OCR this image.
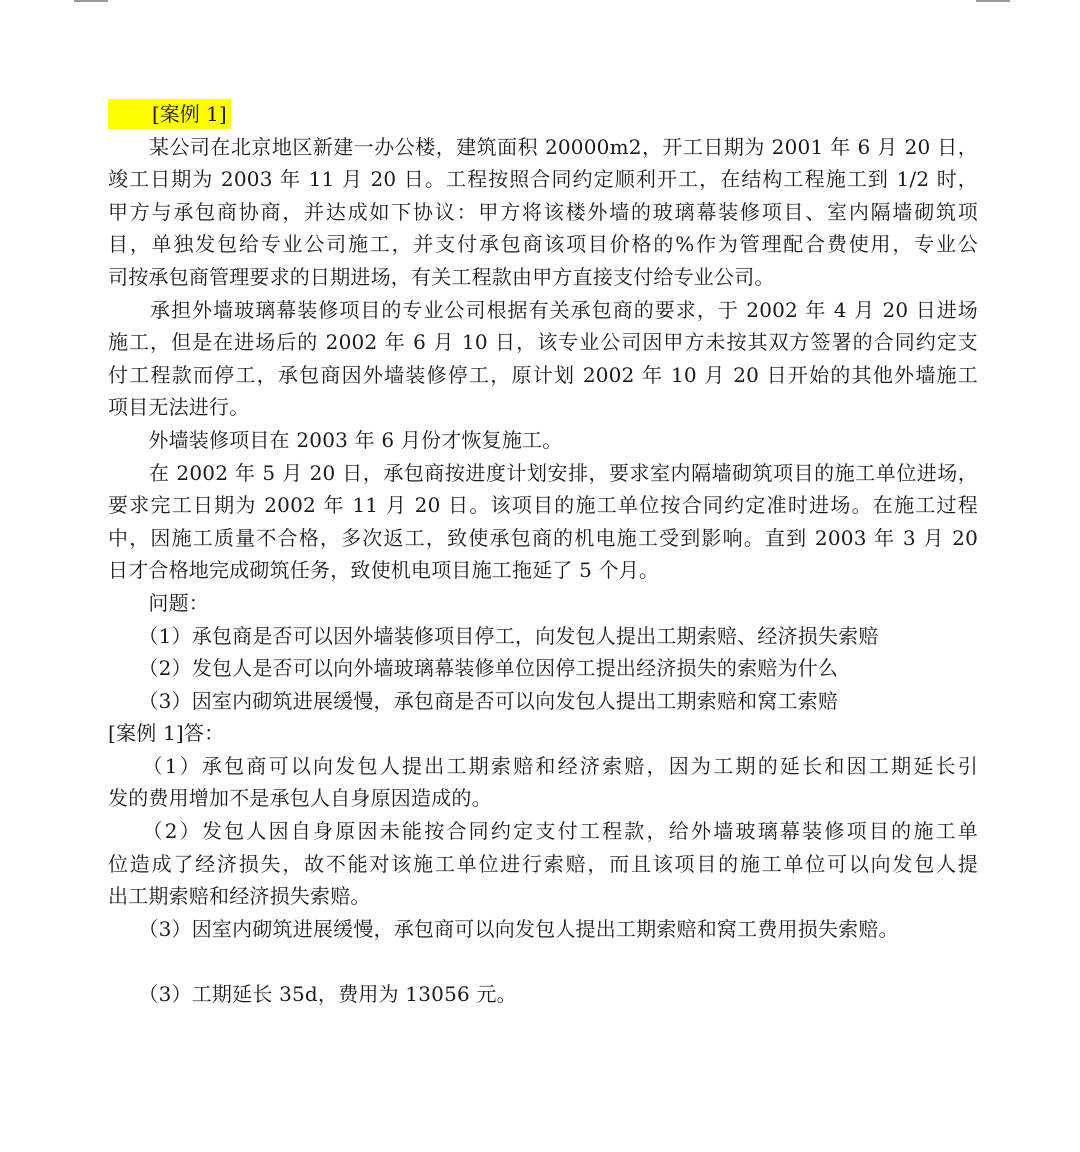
[案例 1]
　　某公司在北京地区新建一办公楼，建筑面积 20000m2，开工日期为 2001 年 6 月 20 日，
竣工日期为 2003 年 11 月 20 日。工程按照合同约定顺利开工，在结构工程施工到 1/2 时，
甲方与承包商协商，并达成如下协议：甲方将该楼外墙的玻璃幕装修项目、室内隔墙砌筑项
目，单独发包给专业公司施工，并支付承包商该项目价格的%作为管理配合费使用，专业公
司按承包商管理要求的日期进场，有关工程款由甲方直接支付给专业公司。
　　承担外墙玻璃幕装修项目的专业公司根据有关承包商的要求，于 2002 年 4 月 20 日进场
施工，但是在进场后的 2002 年 6 月 10 日，该专业公司因甲方未按其双方签署的合同约定支
付工程款而停工，承包商因外墙装修停工，原计划 2002 年 10 月 20 日开始的其他外墙施工
项目无法进行。
　　外墙装修项目在 2003 年 6 月份才恢复施工。
　　在 2002 年 5 月 20 日，承包商按进度计划安排，要求室内隔墙砌筑项目的施工单位进场，
要求完工日期为 2002 年 11 月 20 日。该项目的施工单位按合同约定准时进场。在施工过程
中，因施工质量不合格，多次返工，致使承包商的机电施工受到影响。直到 2003 年 3 月 20
日才合格地完成砌筑任务，致使机电项目施工拖延了 5 个月。
　　问题：
　　（1）承包商是否可以因外墙装修项目停工，向发包人提出工期索赔、经济损失索赔
　　（2）发包人是否可以向外墙玻璃幕装修单位因停工提出经济损失的索赔为什么
　　（3）因室内砌筑进展缓慢，承包商是否可以向发包人提出工期索赔和窝工索赔
[案例 1]答：
　　（1）承包商可以向发包人提出工期索赔和经济索赔，因为工期的延长和因工期延长引
发的费用增加不是承包人自身原因造成的。
　　（2）发包人因自身原因未能按合同约定支付工程款，给外墙玻璃幕装修项目的施工单
位造成了经济损失，故不能对该施工单位进行索赔，而且该项目的施工单位可以向发包人提
出工期索赔和经济损失索赔。
　　（3）因室内砌筑进展缓慢，承包商可以向发包人提出工期索赔和窝工费用损失索赔。
　　（3）工期延长 35d，费用为 13056 元。
